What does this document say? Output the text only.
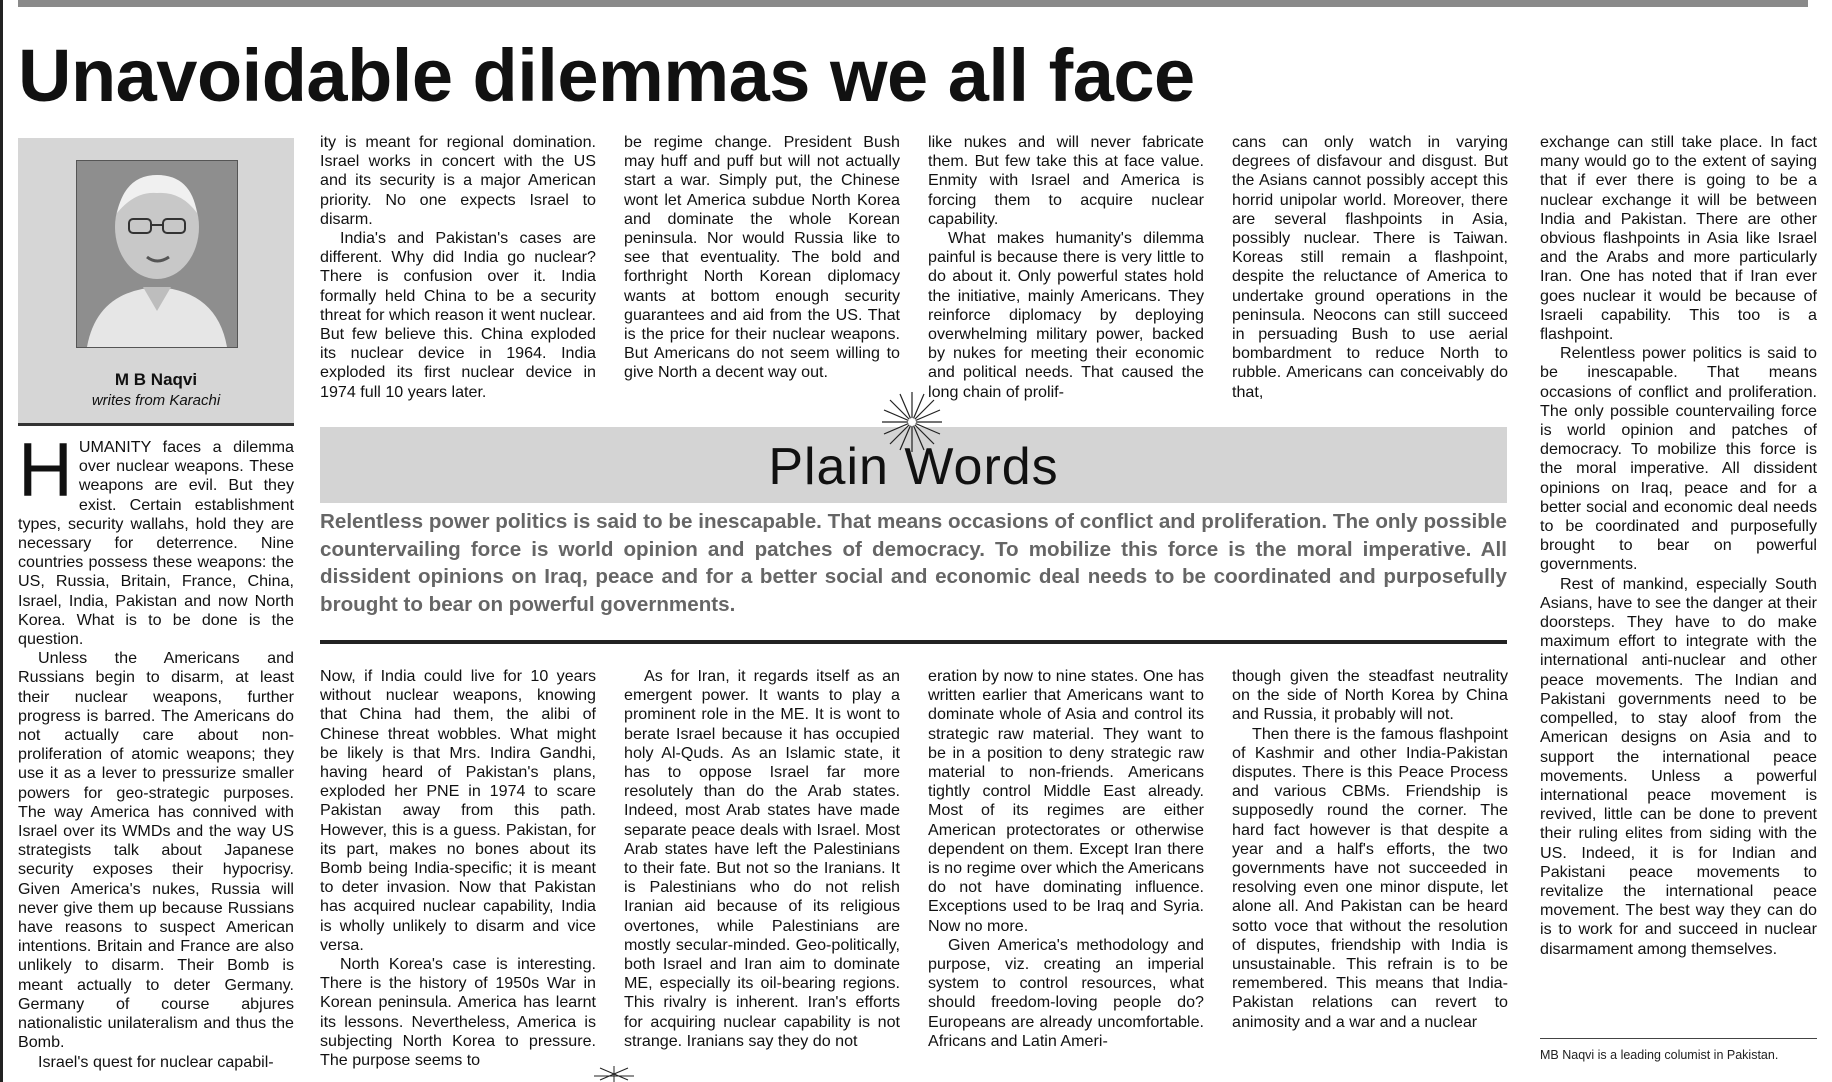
Unavoidable dilemmas we all face
M B Naqvi
writes from Karachi

HUMANITY faces a dilemma over nuclear weapons. These weapons are evil. But they exist. Certain establishment types, security wallahs, hold they are necessary for deterrence. Nine countries possess these weapons: the US, Russia, Britain, France, China, Israel, India, Pakistan and now North Korea. What is to be done is the question.

Unless the Americans and Russians begin to disarm, at least their nuclear weapons, further progress is barred. The Americans do not actually care about non-proliferation of atomic weapons; they use it as a lever to pressurize smaller powers for geo-strategic purposes. The way America has connived with Israel over its WMDs and the way US strategists talk about Japanese security exposes their hypocrisy. Given America's nukes, Russia will never give them up because Russians have reasons to suspect American intentions. Britain and France are also unlikely to disarm. Their Bomb is meant actually to deter Germany. Germany of course abjures nationalistic unilateralism and thus the Bomb.

Israel's quest for nuclear capabil-

ity is meant for regional domination. Israel works in concert with the US and its security is a major American priority. No one expects Israel to disarm.

India's and Pakistan's cases are different. Why did India go nuclear? There is confusion over it. India formally held China to be a security threat for which reason it went nuclear. But few believe this. China exploded its nuclear device in 1964. India exploded its first nuclear device in 1974 full 10 years later.

be regime change. President Bush may huff and puff but will not actually start a war. Simply put, the Chinese wont let America subdue North Korea and dominate the whole Korean peninsula. Nor would Russia like to see that eventuality. The bold and forthright North Korean diplomacy wants at bottom enough security guarantees and aid from the US. That is the price for their nuclear weapons. But Americans do not seem willing to give North a decent way out.

like nukes and will never fabricate them. But few take this at face value. Enmity with Israel and America is forcing them to acquire nuclear capability.

What makes humanity's dilemma painful is because there is very little to do about it. Only powerful states hold the initiative, mainly Americans. They reinforce diplomacy by deploying overwhelming military power, backed by nukes for meeting their economic and political needs. That caused the long chain of prolif-

cans can only watch in varying degrees of disfavour and disgust. But the Asians cannot possibly accept this horrid unipolar world. Moreover, there are several flashpoints in Asia, possibly nuclear. There is Taiwan. Koreas still remain a flashpoint, despite the reluctance of America to undertake ground operations in the peninsula. Neocons can still succeed in persuading Bush to use aerial bombardment to reduce North to rubble. Americans can conceivably do that,

exchange can still take place. In fact many would go to the extent of saying that if ever there is going to be a nuclear exchange it will be between India and Pakistan. There are other obvious flashpoints in Asia like Israel and the Arabs and more particularly Iran. One has noted that if Iran ever goes nuclear it would be because of Israeli capability. This too is a flashpoint.

Relentless power politics is said to be inescapable. That means occasions of conflict and proliferation. The only possible countervailing force is world opinion and patches of democracy. To mobilize this force is the moral imperative. All dissident opinions on Iraq, peace and for a better social and economic deal needs to be coordinated and purposefully brought to bear on powerful governments.

Rest of mankind, especially South Asians, have to see the danger at their doorsteps. They have to do make maximum effort to integrate with the international anti-nuclear and other peace movements. The Indian and Pakistani governments need to be compelled, to stay aloof from the American designs on Asia and to support the international peace movements. Unless a powerful international peace movement is revived, little can be done to prevent their ruling elites from siding with the US. Indeed, it is for Indian and Pakistani peace movements to revitalize the international peace movement. The best way they can do is to work for and succeed in nuclear disarmament among themselves.

Plain Words
Relentless power politics is said to be inescapable. That means occasions of conflict and proliferation. The only possible countervailing force is world opinion and patches of democracy. To mobilize this force is the moral imperative. All dissident opinions on Iraq, peace and for a better social and economic deal needs to be coordinated and purposefully brought to bear on powerful governments.

Now, if India could live for 10 years without nuclear weapons, knowing that China had them, the alibi of Chinese threat wobbles. What might be likely is that Mrs. Indira Gandhi, having heard of Pakistan's plans, exploded her PNE in 1974 to scare Pakistan away from this path. However, this is a guess. Pakistan, for its part, makes no bones about its Bomb being India-specific; it is meant to deter invasion. Now that Pakistan has acquired nuclear capability, India is wholly unlikely to disarm and vice versa.

North Korea's case is interesting. There is the history of 1950s War in Korean peninsula. America has learnt its lessons. Nevertheless, America is subjecting North Korea to pressure. The purpose seems to

As for Iran, it regards itself as an emergent power. It wants to play a prominent role in the ME. It is wont to berate Israel because it has occupied holy Al-Quds. As an Islamic state, it has to oppose Israel far more resolutely than do the Arab states. Indeed, most Arab states have made separate peace deals with Israel. Most Arab states have left the Palestinians to their fate. But not so the Iranians. It is Palestinians who do not relish Iranian aid because of its religious overtones, while Palestinians are mostly secular-minded. Geo-politically, both Israel and Iran aim to dominate ME, especially its oil-bearing regions. This rivalry is inherent. Iran's efforts for acquiring nuclear capability is not strange. Iranians say they do not

eration by now to nine states. One has written earlier that Americans want to dominate whole of Asia and control its strategic raw material. They want to be in a position to deny strategic raw material to non-friends. Americans tightly control Middle East already. Most of its regimes are either American protectorates or otherwise dependent on them. Except Iran there is no regime over which the Americans do not have dominating influence. Exceptions used to be Iraq and Syria. Now no more.

Given America's methodology and purpose, viz. creating an imperial system to control resources, what should freedom-loving people do? Europeans are already uncomfortable. Africans and Latin Ameri-

though given the steadfast neutrality on the side of North Korea by China and Russia, it probably will not.

Then there is the famous flashpoint of Kashmir and other India-Pakistan disputes. There is this Peace Process and various CBMs. Friendship is supposedly round the corner. The hard fact however is that despite a year and a half's efforts, the two governments have not succeeded in resolving even one minor dispute, let alone all. And Pakistan can be heard sotto voce that without the resolution of disputes, friendship with India is unsustainable. This refrain is to be remembered. This means that India-Pakistan relations can revert to animosity and a war and a nuclear

MB Naqvi is a leading columist in Pakistan.
